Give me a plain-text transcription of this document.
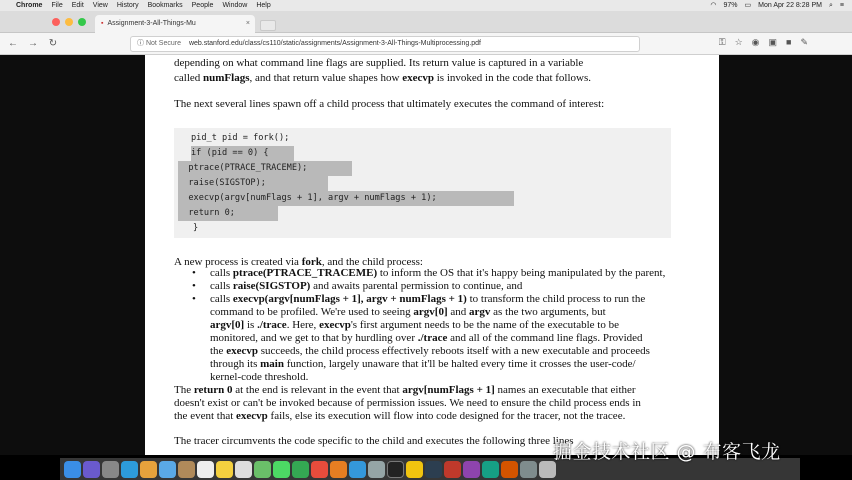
Chrome File Edit View History Bookmarks People Window Help	◠ 97% ▭ Mon Apr 22 8:28 PM ⌕ ≡
▪ Assignment-3-All-Things-Mu	×
← → ↻	ⓘ Not Secure web.stanford.edu/class/cs110/static/assignments/Assignment-3-All-Things-Multiprocessing.pdf	⚿ ☆ ◉ ▣ ■ ✎
depending on what command line flags are supplied. Its return value is captured in a variable
called numFlags, and that return value shapes how execvp is invoked in the code that follows.
The next several lines spawn off a child process that ultimately executes the command of interest:
pid_t pid = fork();
if (pid == 0) {
ptrace(PTRACE_TRACEME);
raise(SIGSTOP);
execvp(argv[numFlags + 1], argv + numFlags + 1);
return 0;
}
A new process is created via fork, and the child process:
• calls ptrace(PTRACE_TRACEME) to inform the OS that it's happy being manipulated by the parent,
• calls raise(SIGSTOP) and awaits parental permission to continue, and
• calls execvp(argv[numFlags + 1], argv + numFlags + 1) to transform the child process to run the
command to be profiled. We're used to seeing argv[0] and argv as the two arguments, but
argv[0] is ./trace. Here, execvp's first argument needs to be the name of the executable to be
monitored, and we get to that by hurdling over ./trace and all of the command line flags. Provided
the execvp succeeds, the child process effectively reboots itself with a new executable and proceeds
through its main function, largely unaware that it'll be halted every time it crosses the user-code/
kernel-code threshold.
The return 0 at the end is relevant in the event that argv[numFlags + 1] names an executable that either
doesn't exist or can't be invoked because of permission issues. We need to ensure the child process ends in
the event that execvp fails, else its execution will flow into code designed for the tracer, not the tracee.
The tracer circumvents the code specific to the child and executes the following three lines
掘金技术社区 @ 布客飞龙
